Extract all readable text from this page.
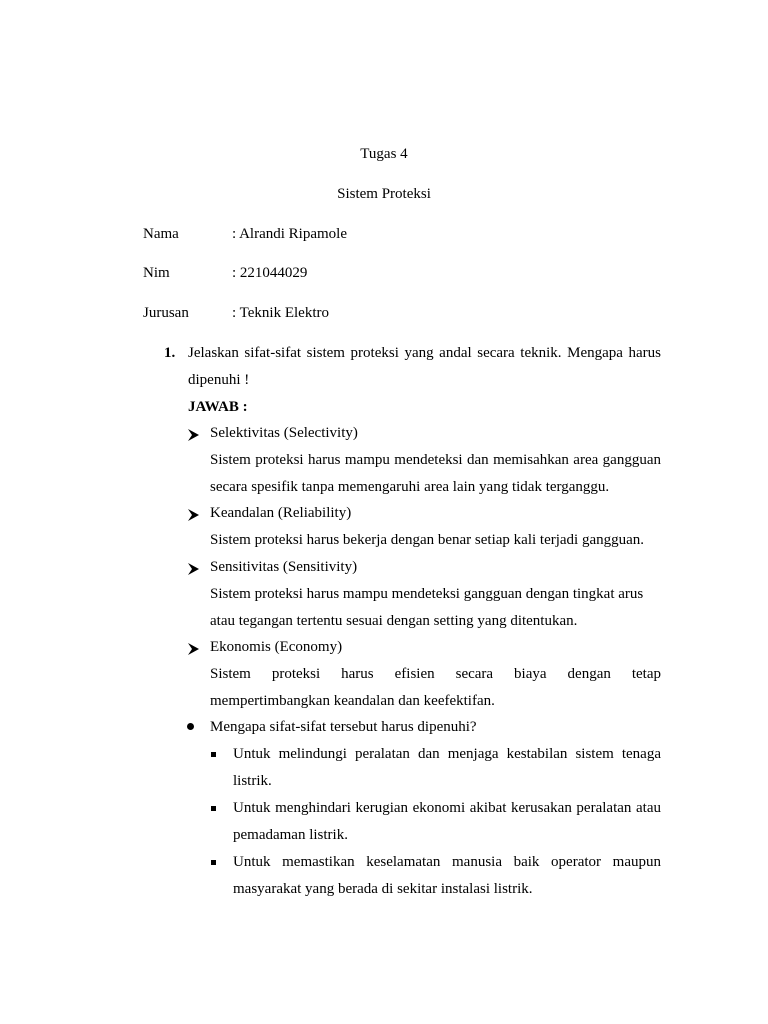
Tugas 4
Sistem Proteksi
Nama	: Alrandi Ripamole
Nim	: 221044029
Jurusan	: Teknik Elektro
1. Jelaskan sifat-sifat sistem proteksi yang andal secara teknik. Mengapa harus
dipenuhi !
JAWAB :
Selektivitas (Selectivity)
Sistem proteksi harus mampu mendeteksi dan memisahkan area gangguan
secara spesifik tanpa memengaruhi area lain yang tidak terganggu.
Keandalan (Reliability)
Sistem proteksi harus bekerja dengan benar setiap kali terjadi gangguan.
Sensitivitas (Sensitivity)
Sistem proteksi harus mampu mendeteksi gangguan dengan tingkat arus
atau tegangan tertentu sesuai dengan setting yang ditentukan.
Ekonomis (Economy)
Sistem proteksi harus efisien secara biaya dengan tetap
mempertimbangkan keandalan dan keefektifan.
Mengapa sifat-sifat tersebut harus dipenuhi?
Untuk melindungi peralatan dan menjaga kestabilan sistem tenaga
listrik.
Untuk menghindari kerugian ekonomi akibat kerusakan peralatan atau
pemadaman listrik.
Untuk memastikan keselamatan manusia baik operator maupun
masyarakat yang berada di sekitar instalasi listrik.
